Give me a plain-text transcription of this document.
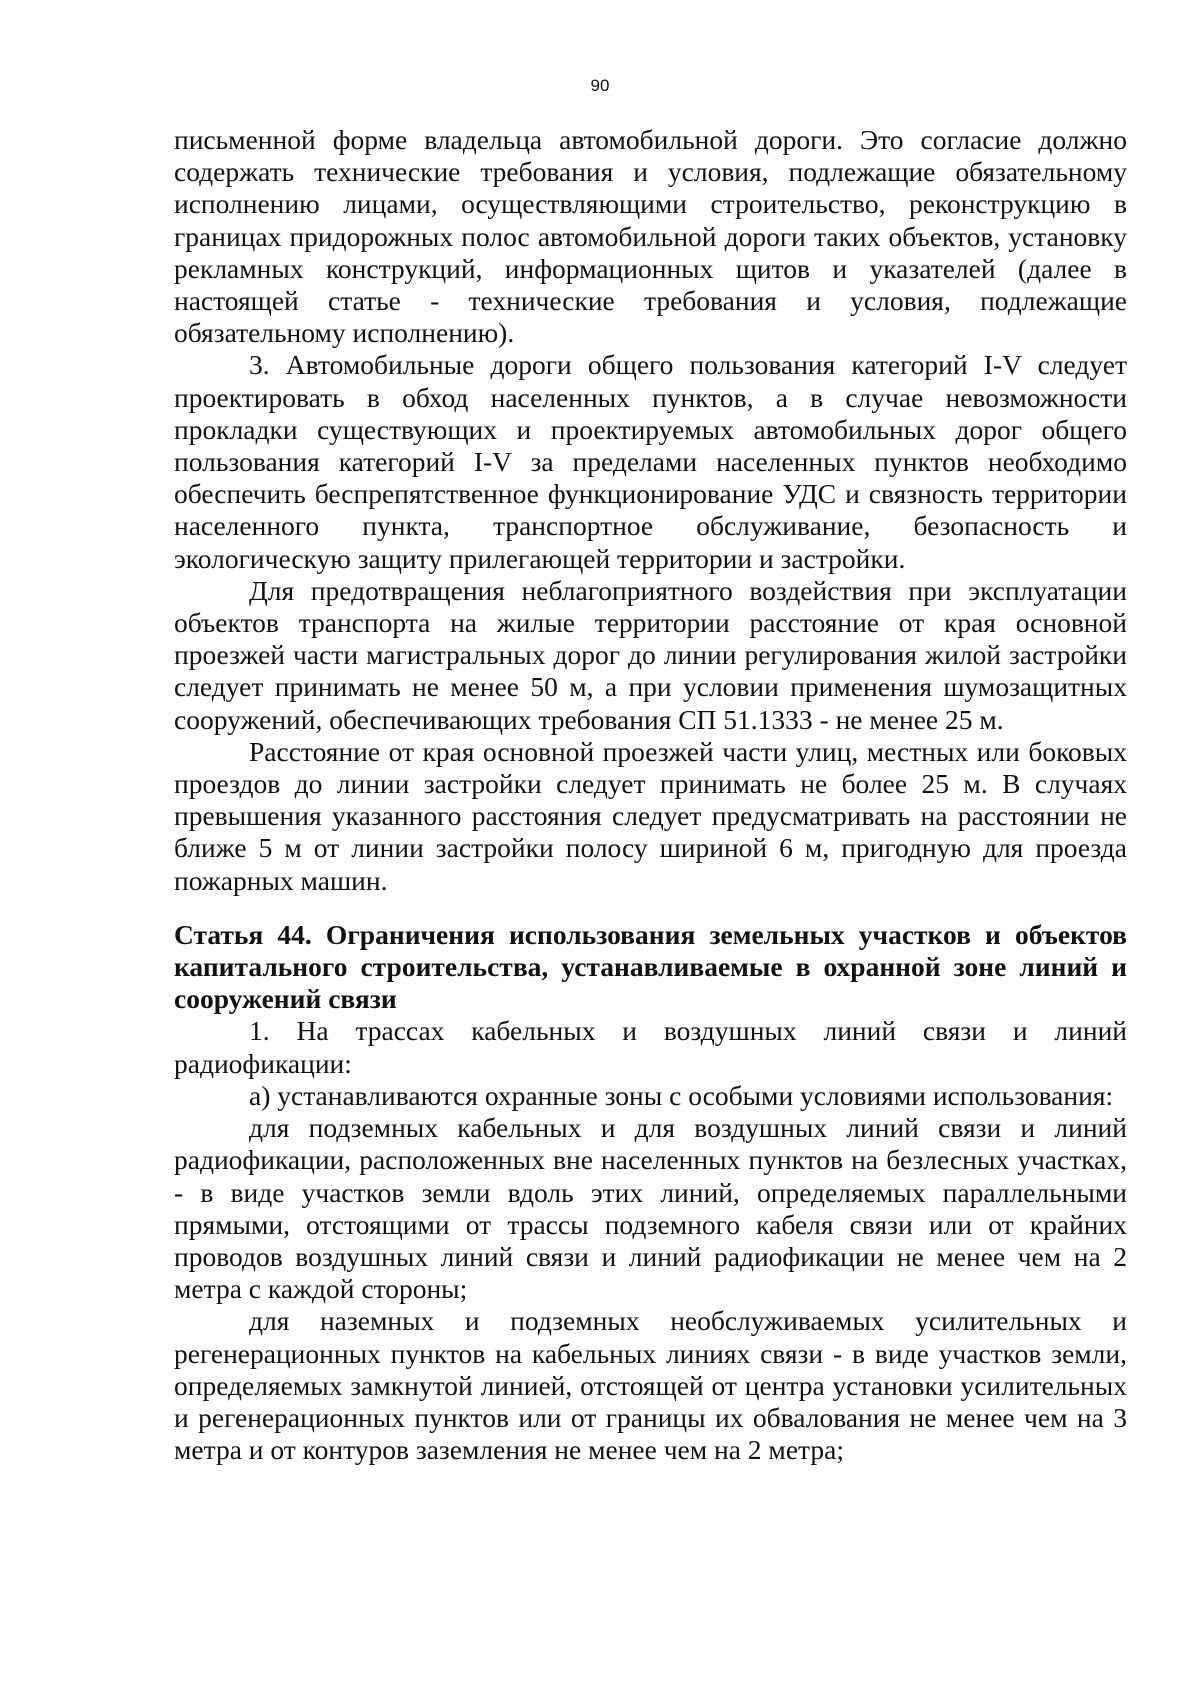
90

письменной форме владельца автомобильной дороги. Это согласие должно содержать технические требования и условия, подлежащие обязательному исполнению лицами, осуществляющими строительство, реконструкцию в границах придорожных полос автомобильной дороги таких объектов, установку рекламных конструкций, информационных щитов и указателей (далее в настоящей статье - технические требования и условия, подлежащие обязательному исполнению).

3. Автомобильные дороги общего пользования категорий I-V следует проектировать в обход населенных пунктов, а в случае невозможности прокладки существующих и проектируемых автомобильных дорог общего пользования категорий I-V за пределами населенных пунктов необходимо обеспечить беспрепятственное функционирование УДС и связность территории населенного пункта, транспортное обслуживание, безопасность и экологическую защиту прилегающей территории и застройки.

Для предотвращения неблагоприятного воздействия при эксплуатации объектов транспорта на жилые территории расстояние от края основной проезжей части магистральных дорог до линии регулирования жилой застройки следует принимать не менее 50 м, а при условии применения шумозащитных сооружений, обеспечивающих требования СП 51.1333 - не менее 25 м.

Расстояние от края основной проезжей части улиц, местных или боковых проездов до линии застройки следует принимать не более 25 м. В случаях превышения указанного расстояния следует предусматривать на расстоянии не ближе 5 м от линии застройки полосу шириной 6 м, пригодную для проезда пожарных машин.

Статья 44. Ограничения использования земельных участков и объектов капитального строительства, устанавливаемые в охранной зоне линий и сооружений связи

1. На трассах кабельных и воздушных линий связи и линий радиофикации:

а) устанавливаются охранные зоны с особыми условиями использования:

для подземных кабельных и для воздушных линий связи и линий радиофикации, расположенных вне населенных пунктов на безлесных участках, - в виде участков земли вдоль этих линий, определяемых параллельными прямыми, отстоящими от трассы подземного кабеля связи или от крайних проводов воздушных линий связи и линий радиофикации не менее чем на 2 метра с каждой стороны;

для наземных и подземных необслуживаемых усилительных и регенерационных пунктов на кабельных линиях связи - в виде участков земли, определяемых замкнутой линией, отстоящей от центра установки усилительных и регенерационных пунктов или от границы их обвалования не менее чем на 3 метра и от контуров заземления не менее чем на 2 метра;
